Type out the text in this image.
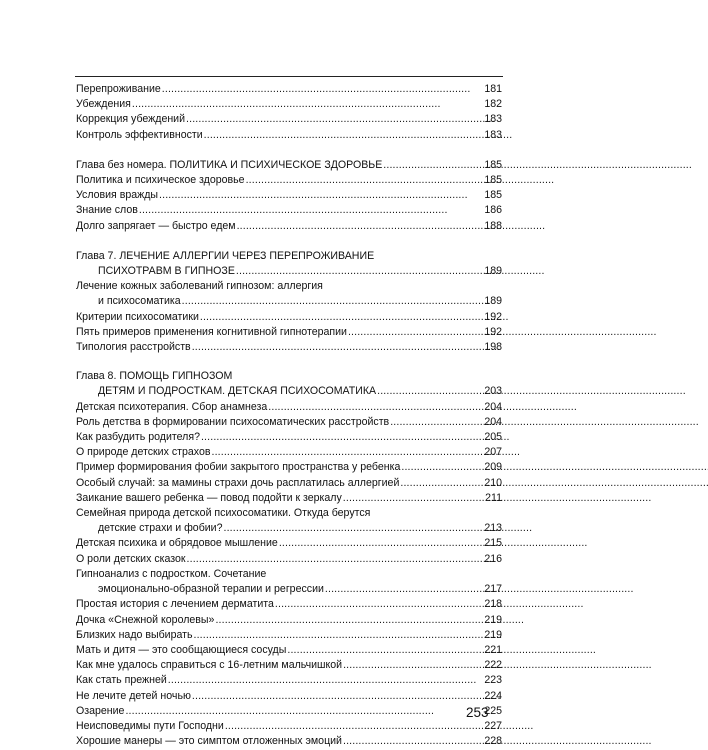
Перепроживание . . .	181
Убеждения . . .	182
Коррекция убеждений . . .	183
Контроль эффективности . . .	183
Глава без номера. ПОЛИТИКА И ПСИХИЧЕСКОЕ ЗДОРОВЬЕ . . .	185
Политика и психическое здоровье . . .	185
Условия вражды . . .	185
Знание слов . . .	186
Долго запрягает — быстро едем . . .	188
Глава 7. ЛЕЧЕНИЕ АЛЛЕРГИИ ЧЕРЕЗ ПЕРЕПРОЖИВАНИЕ
ПСИХОТРАВМ В ГИПНОЗЕ . . .	189
Лечение кожных заболеваний гипнозом: аллергия
и психосоматика . . .	189
Критерии психосоматики . . .	192
Пять примеров применения когнитивной гипнотерапии . . .	192
Типология расстройств . . .	198
Глава 8. ПОМОЩЬ ГИПНОЗОМ
ДЕТЯМ И ПОДРОСТКАМ. ДЕТСКАЯ ПСИХОСОМАТИКА . . .	203
Детская психотерапия. Сбор анамнеза . . .	204
Роль детства в формировании психосоматических расстройств . . .	204
Как разбудить родителя? . . .	205
О природе детских страхов . . .	207
Пример формирования фобии закрытого пространства у ребенка . . .	209
Особый случай: за мамины страхи дочь расплатилась аллергией . . .	210
Заикание вашего ребенка — повод подойти к зеркалу . . .	211
Семейная природа детской психосоматики. Откуда берутся
детские страхи и фобии? . . .	213
Детская психика и обрядовое мышление . . .	215
О роли детских сказок . . .	216
Гипноанализ с подростком. Сочетание
эмоционально-образной терапии и регрессии . . .	217
Простая история с лечением дерматита . . .	218
Дочка «Снежной королевы» . . .	219
Близких надо выбирать . . .	219
Мать и дитя — это сообщающиеся сосуды . . .	221
Как мне удалось справиться с 16-летним мальчишкой . . .	222
Как стать прежней . . .	223
Не лечите детей ночью . . .	224
Озарение . . .	225
Неисповедимы пути Господни . . .	227
Хорошие манеры — это симптом отложенных эмоций . . .	228
253
